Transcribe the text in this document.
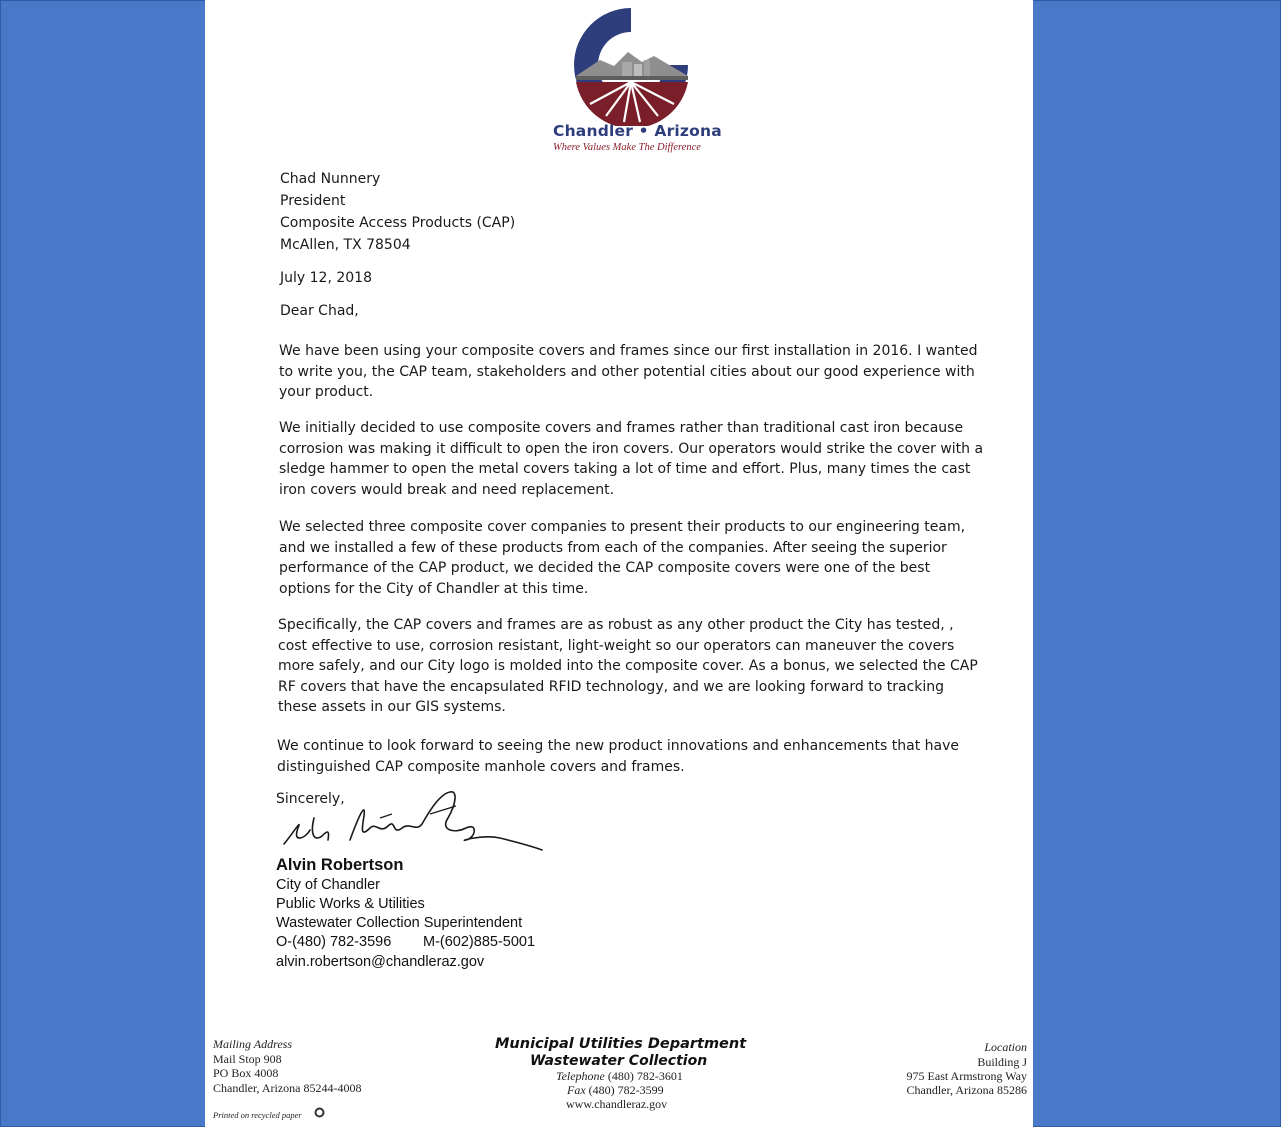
Chandler • Arizona
Where Values Make The Difference
Chad Nunnery
President
Composite Access Products (CAP)
McAllen, TX 78504
July 12, 2018
Dear Chad,
We have been using your composite covers and frames since our first installation in 2016. I wanted to write you, the CAP team, stakeholders and other potential cities about our good experience with your product.
We initially decided to use composite covers and frames rather than traditional cast iron because corrosion was making it difficult to open the iron covers. Our operators would strike the cover with a sledge hammer to open the metal covers taking a lot of time and effort. Plus, many times the cast iron covers would break and need replacement.
We selected three composite cover companies to present their products to our engineering team, and we installed a few of these products from each of the companies. After seeing the superior performance of the CAP product, we decided the CAP composite covers were one of the best options for the City of Chandler at this time.
Specifically, the CAP covers and frames are as robust as any other product the City has tested, , cost effective to use, corrosion resistant, light-weight so our operators can maneuver the covers more safely, and our City logo is molded into the composite cover. As a bonus, we selected the CAP RF covers that have the encapsulated RFID technology, and we are looking forward to tracking these assets in our GIS systems.
We continue to look forward to seeing the new product innovations and enhancements that have distinguished CAP composite manhole covers and frames.
Sincerely,
Alvin Robertson
City of Chandler
Public Works & Utilities
Wastewater Collection Superintendent
O-(480) 782-3596 M-(602)885-5001
alvin.robertson@chandleraz.gov
Mailing Address
Mail Stop 908
PO Box 4008
Chandler, Arizona 85244-4008
Printed on recycled paper
Municipal Utilities Department
Wastewater Collection
Telephone (480) 782-3601
Fax (480) 782-3599
www.chandleraz.gov
Location
Building J
975 East Armstrong Way
Chandler, Arizona 85286
